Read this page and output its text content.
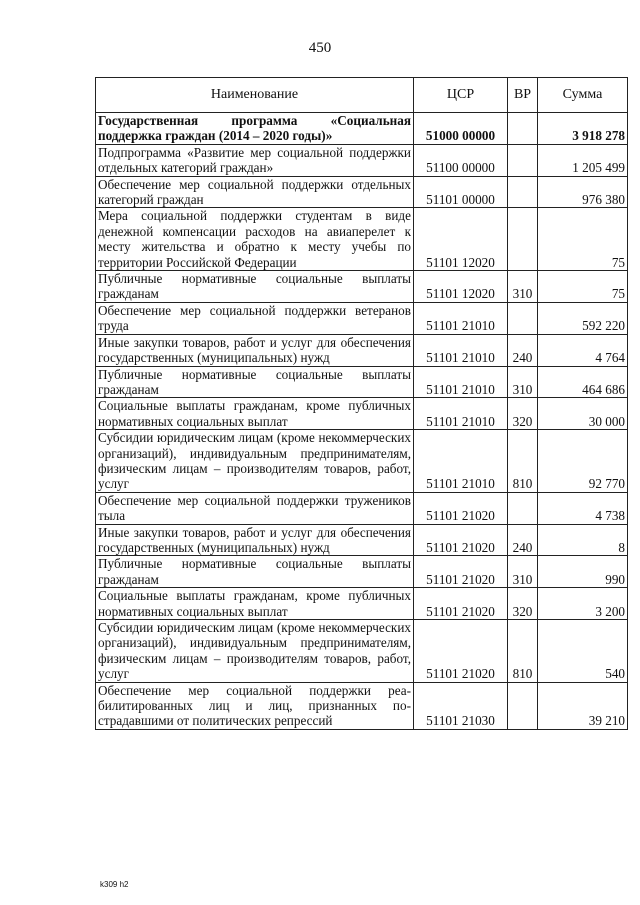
450
Наименование	ЦСР	ВР	Сумма
Государственная программа «Социальная поддержка граждан (2014 – 2020 годы)»	51000 00000		3 918 278
Подпрограмма «Развитие мер социальной поддержки отдельных категорий граждан»	51100 00000		1 205 499
Обеспечение мер социальной поддержки отдельных категорий граждан	51101 00000		976 380
Мера социальной поддержки студентам в виде денежной компенсации расходов на авиаперелет к месту жительства и обратно к месту учебы по территории Российской Федерации	51101 12020		75
Публичные нормативные социальные выплаты гражданам	51101 12020	310	75
Обеспечение мер социальной поддержки ветеранов труда	51101 21010		592 220
Иные закупки товаров, работ и услуг для обеспечения государственных (муниципальных) нужд	51101 21010	240	4 764
Публичные нормативные социальные выплаты гражданам	51101 21010	310	464 686
Социальные выплаты гражданам, кроме публичных нормативных социальных выплат	51101 21010	320	30 000
Субсидии юридическим лицам (кроме некоммерческих организаций), индивидуальным предпринимателям, физическим лицам – производителям товаров, работ, услуг	51101 21010	810	92 770
Обеспечение мер социальной поддержки тружеников тыла	51101 21020		4 738
Иные закупки товаров, работ и услуг для обеспечения государственных (муниципальных) нужд	51101 21020	240	8
Публичные нормативные социальные выплаты гражданам	51101 21020	310	990
Социальные выплаты гражданам, кроме публичных нормативных социальных выплат	51101 21020	320	3 200
Субсидии юридическим лицам (кроме некоммерческих организаций), индивидуальным предпринимателям, физическим лицам – производителям товаров, работ, услуг	51101 21020	810	540
Обеспечение мер социальной поддержки реабилитированных лиц и лиц, признанных пострадавшими от политических репрессий	51101 21030		39 210
k309 h2
